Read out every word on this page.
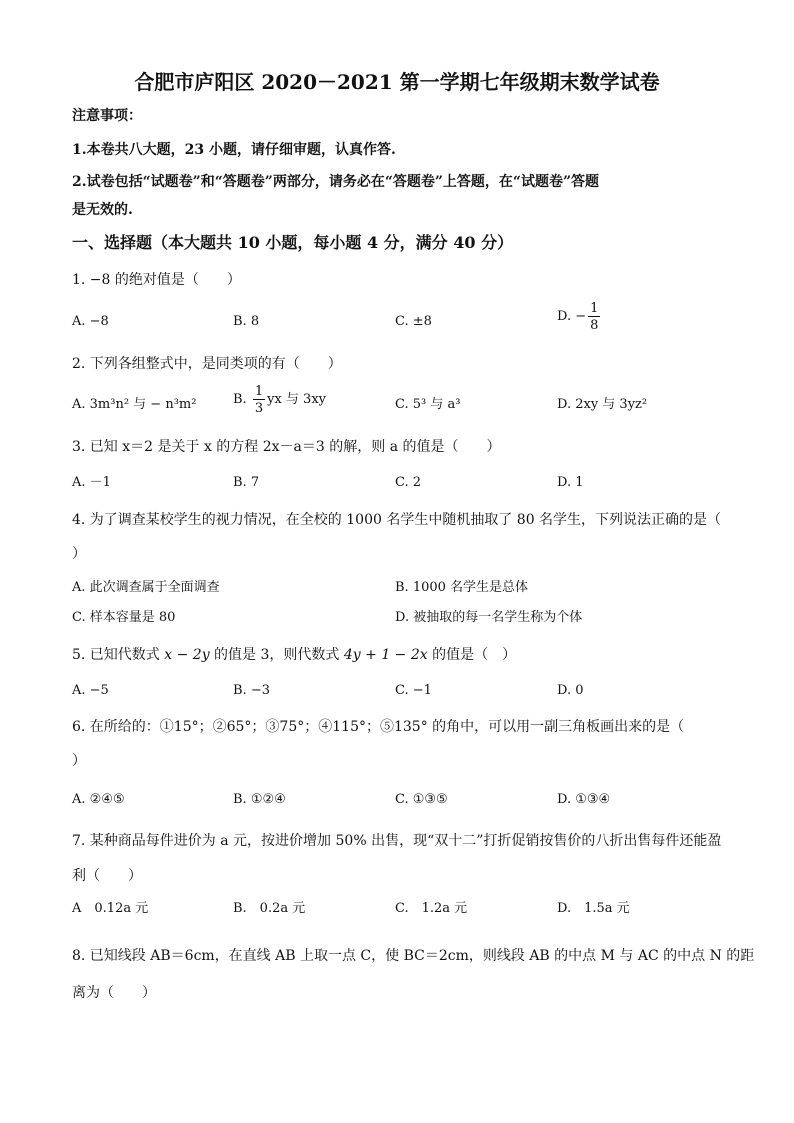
合肥市庐阳区 2020－2021 第一学期七年级期末数学试卷
注意事项：
1.本卷共八大题，23 小题，请仔细审题，认真作答.
2.试卷包括“试题卷”和“答题卷”两部分，请务必在“答题卷”上答题，在“试题卷”答题
是无效的.
一、选择题（本大题共 10 小题，每小题 4 分，满分 40 分）
1. −8 的绝对值是（　　）
A. −8	B. 8	C. ±8	D. − $\frac{1}{8}$
2. 下列各组整式中，是同类项的有（　　）
A. 3m³n² 与 − n³m²	B. $\frac{1}{3}$ yx 与 3xy	C. 5³ 与 a³	D. 2xy 与 3yz²
3. 已知 x＝2 是关于 x 的方程 2x－a＝3 的解，则 a 的值是（　　）
A. －1	B. 7	C. 2	D. 1
4. 为了调查某校学生的视力情况，在全校的 1000 名学生中随机抽取了 80 名学生，下列说法正确的是（
）
A. 此次调查属于全面调查	B. 1000 名学生是总体
C. 样本容量是 80	D. 被抽取的每一名学生称为个体
5. 已知代数式 x − 2y 的值是 3，则代数式 4y + 1 − 2x 的值是（　）
A. −5	B. −3	C. −1	D. 0
6. 在所给的：①15°；②65°；③75°；④115°；⑤135° 的角中，可以用一副三角板画出来的是（
）
A. ②④⑤	B. ①②④	C. ①③⑤	D. ①③④
7. 某种商品每件进价为 a 元，按进价增加 50% 出售，现“双十二”打折促销按售价的八折出售每件还能盈
利（　　）
A　0.12a 元	B.　0.2a 元	C.　1.2a 元	D.　1.5a 元
8. 已知线段 AB＝6cm，在直线 AB 上取一点 C，使 BC＝2cm，则线段 AB 的中点 M 与 AC 的中点 N 的距
离为（　　）
